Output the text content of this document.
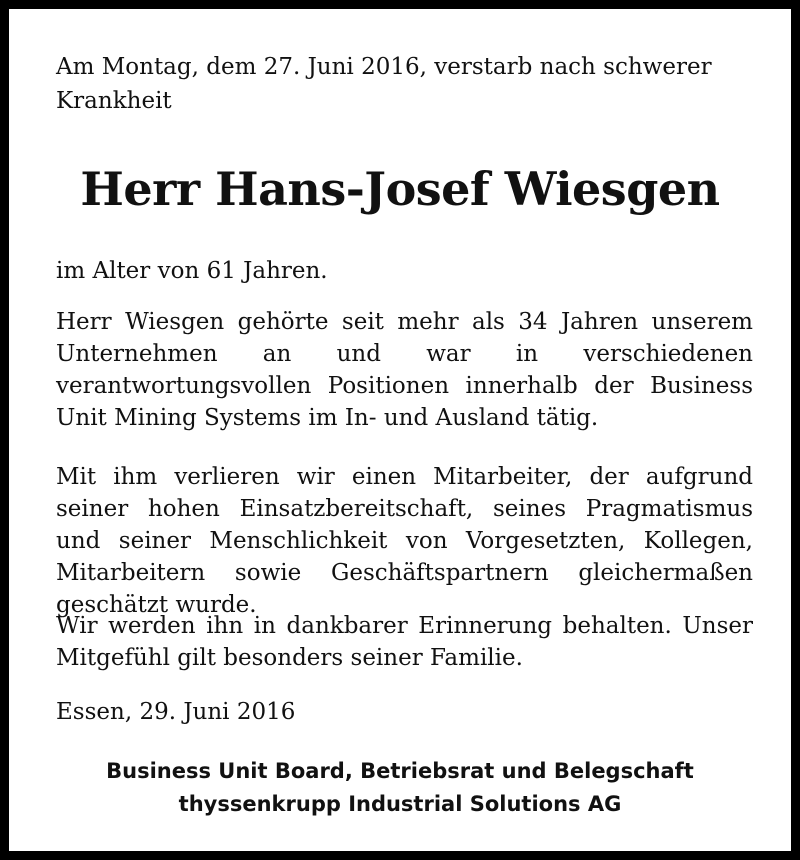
Am Montag, dem 27. Juni 2016, verstarb nach schwerer Krankheit
Herr Hans-Josef Wiesgen
im Alter von 61 Jahren.
Herr Wiesgen gehörte seit mehr als 34 Jahren unserem Unternehmen an und war in verschiedenen verantwortungsvollen Positionen innerhalb der Business Unit Mining Systems im In- und Ausland tätig.
Mit ihm verlieren wir einen Mitarbeiter, der aufgrund seiner hohen Einsatzbereitschaft, seines Pragmatismus und seiner Menschlichkeit von Vorgesetzten, Kollegen, Mitarbeitern sowie Geschäftspartnern gleichermaßen geschätzt wurde.
Wir werden ihn in dankbarer Erinnerung behalten. Unser Mitgefühl gilt besonders seiner Familie.
Essen, 29. Juni 2016
Business Unit Board, Betriebsrat und Belegschaft
thyssenkrupp Industrial Solutions AG
